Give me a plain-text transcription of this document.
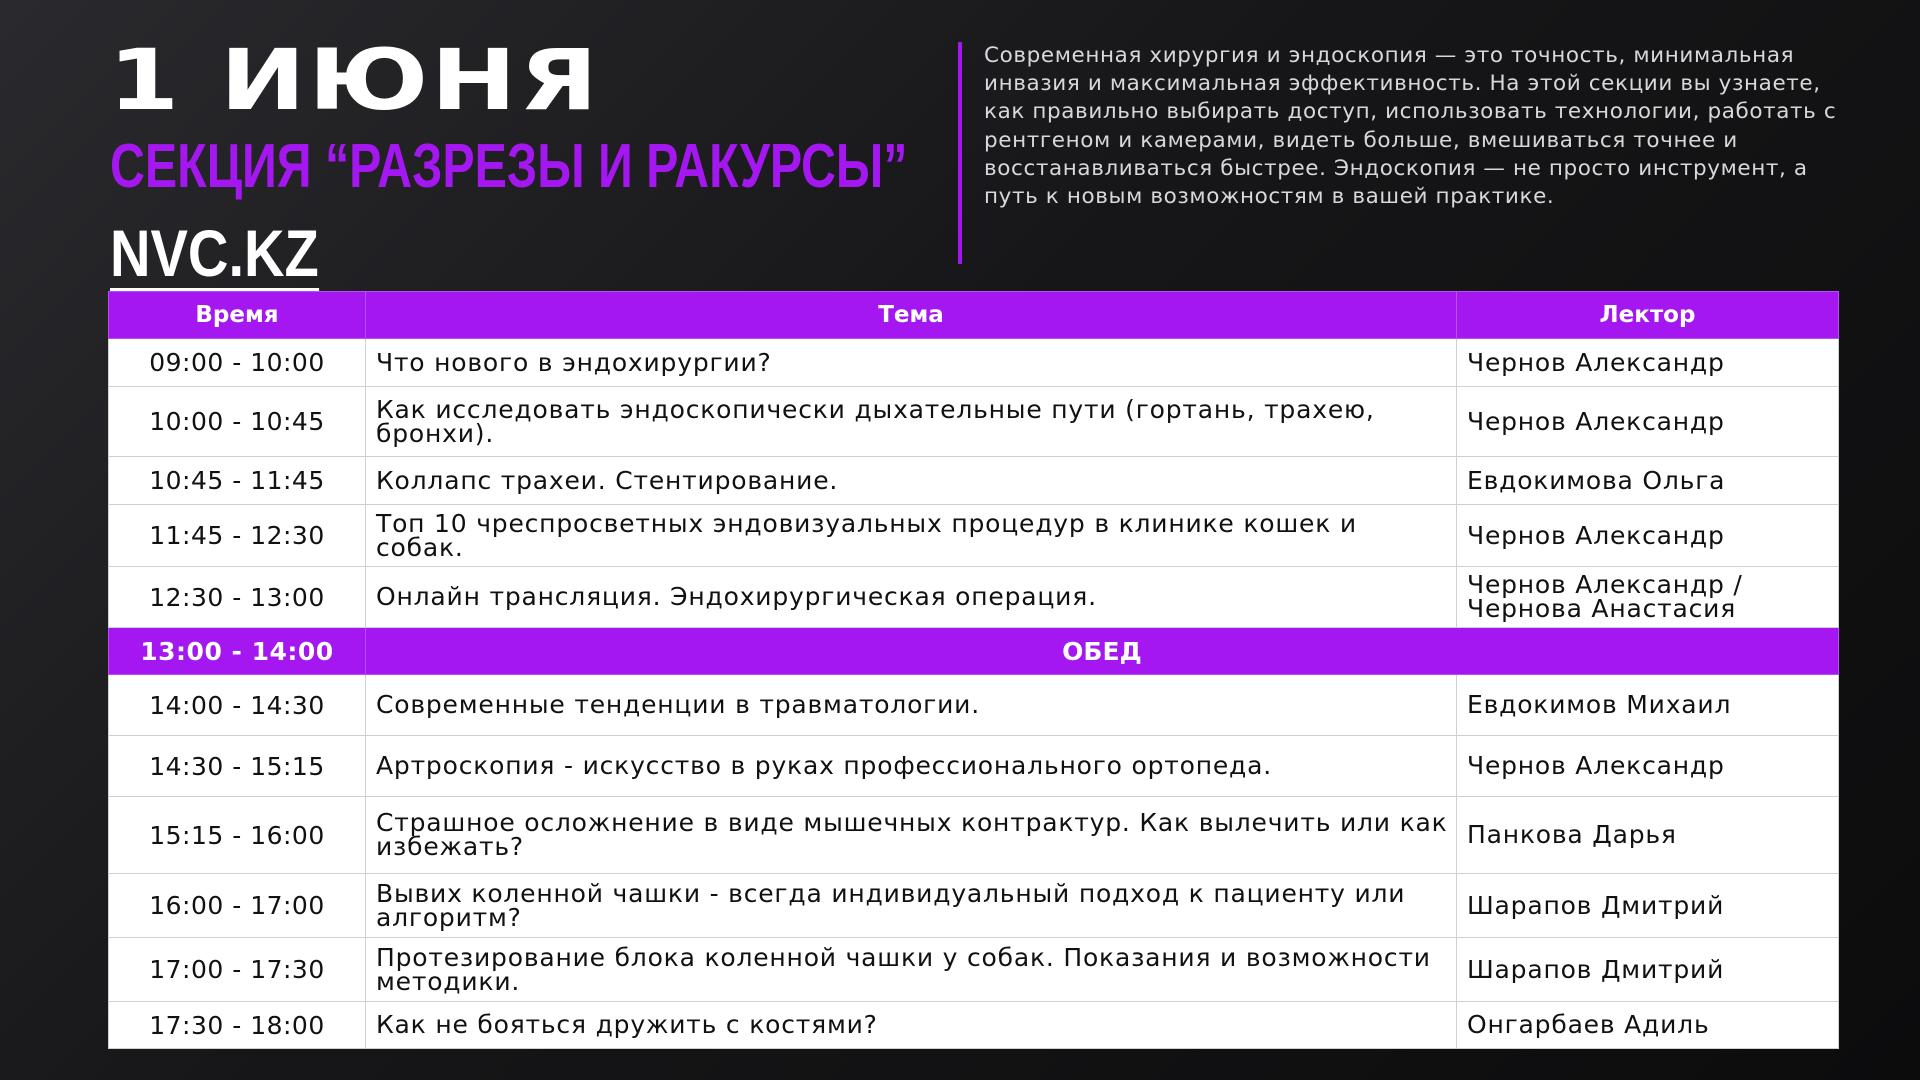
1 ИЮНЯ
СЕКЦИЯ “РАЗРЕЗЫ И РАКУРСЫ”
NVC.KZ
Современная хирургия и эндоскопия — это точность, минимальная инвазия и максимальная эффективность. На этой секции вы узнаете, как правильно выбирать доступ, использовать технологии, работать с рентгеном и камерами, видеть больше, вмешиваться точнее и восстанавливаться быстрее. Эндоскопия — не просто инструмент, а путь к новым возможностям в вашей практике.
Время	Тема	Лектор
09:00 - 10:00	Что нового в эндохирургии?	Чернов Александр
10:00 - 10:45	Как исследовать эндоскопически дыхательные пути (гортань, трахею, бронхи).	Чернов Александр
10:45 - 11:45	Коллапс трахеи. Стентирование.	Евдокимова Ольга
11:45 - 12:30	Топ 10 чреспросветных эндовизуальных процедур в клинике кошек и собак.	Чернов Александр
12:30 - 13:00	Онлайн трансляция. Эндохирургическая операция.	Чернов Александр / Чернова Анастасия
13:00 - 14:00	ОБЕД	
14:00 - 14:30	Современные тенденции в травматологии.	Евдокимов Михаил
14:30 - 15:15	Артроскопия - искусство в руках профессионального ортопеда.	Чернов Александр
15:15 - 16:00	Страшное осложнение в виде мышечных контрактур. Как вылечить или как избежать?	Панкова Дарья
16:00 - 17:00	Вывих коленной чашки - всегда индивидуальный подход к пациенту или алгоритм?	Шарапов Дмитрий
17:00 - 17:30	Протезирование блока коленной чашки у собак. Показания и возможности методики.	Шарапов Дмитрий
17:30 - 18:00	Как не бояться дружить с костями?	Онгарбаев Адиль
